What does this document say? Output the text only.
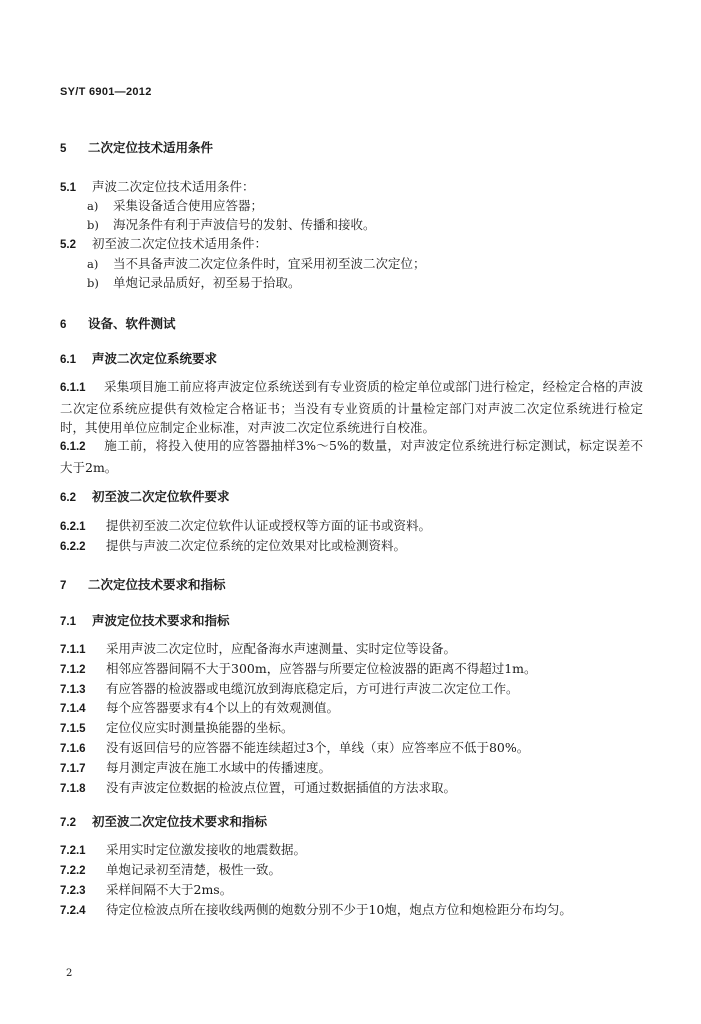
SY/T 6901—2012
5 二次定位技术适用条件
5.1 声波二次定位技术适用条件：
a) 采集设备适合使用应答器；
b) 海况条件有利于声波信号的发射、传播和接收。
5.2 初至波二次定位技术适用条件：
a) 当不具备声波二次定位条件时，宜采用初至波二次定位；
b) 单炮记录品质好，初至易于拾取。
6 设备、软件测试
6.1 声波二次定位系统要求
6.1.1 采集项目施工前应将声波定位系统送到有专业资质的检定单位或部门进行检定，经检定合格的声波二次定位系统应提供有效检定合格证书；当没有专业资质的计量检定部门对声波二次定位系统进行检定时，其使用单位应制定企业标准，对声波二次定位系统进行自校准。
6.1.2 施工前，将投入使用的应答器抽样3%～5%的数量，对声波定位系统进行标定测试，标定误差不大于2m。
6.2 初至波二次定位软件要求
6.2.1 提供初至波二次定位软件认证或授权等方面的证书或资料。
6.2.2 提供与声波二次定位系统的定位效果对比或检测资料。
7 二次定位技术要求和指标
7.1 声波定位技术要求和指标
7.1.1 采用声波二次定位时，应配备海水声速测量、实时定位等设备。
7.1.2 相邻应答器间隔不大于300m，应答器与所要定位检波器的距离不得超过1m。
7.1.3 有应答器的检波器或电缆沉放到海底稳定后，方可进行声波二次定位工作。
7.1.4 每个应答器要求有4个以上的有效观测值。
7.1.5 定位仪应实时测量换能器的坐标。
7.1.6 没有返回信号的应答器不能连续超过3个，单线（束）应答率应不低于80%。
7.1.7 每月测定声波在施工水域中的传播速度。
7.1.8 没有声波定位数据的检波点位置，可通过数据插值的方法求取。
7.2 初至波二次定位技术要求和指标
7.2.1 采用实时定位激发接收的地震数据。
7.2.2 单炮记录初至清楚，极性一致。
7.2.3 采样间隔不大于2ms。
7.2.4 待定位检波点所在接收线两侧的炮数分别不少于10炮，炮点方位和炮检距分布均匀。
2
